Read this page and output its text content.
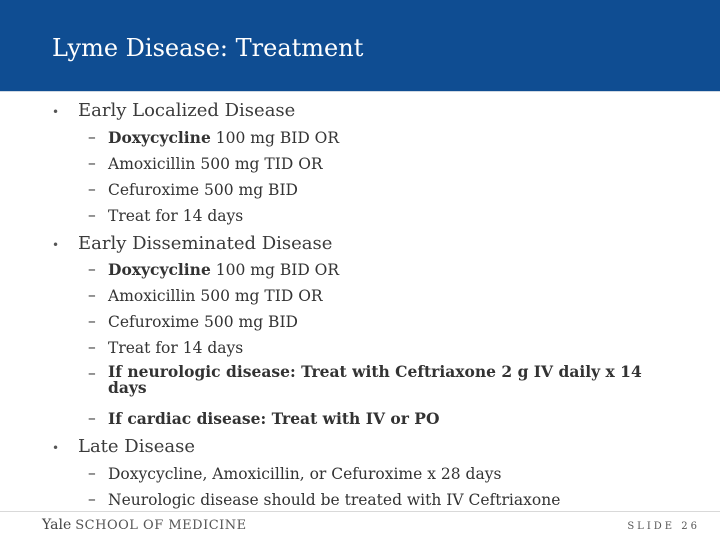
Lyme Disease: Treatment
• Early Localized Disease
– Doxycycline 100 mg BID OR
– Amoxicillin 500 mg TID OR
– Cefuroxime 500 mg BID
– Treat for 14 days
• Early Disseminated Disease
– Doxycycline 100 mg BID OR
– Amoxicillin 500 mg TID OR
– Cefuroxime 500 mg BID
– Treat for 14 days
– If neurologic disease: Treat with Ceftriaxone 2 g IV daily x 14 days
– If cardiac disease: Treat with IV or PO
• Late Disease
– Doxycycline, Amoxicillin, or Cefuroxime x 28 days
– Neurologic disease should be treated with IV Ceftriaxone
Yale SCHOOL OF MEDICINE	SLIDE 26
